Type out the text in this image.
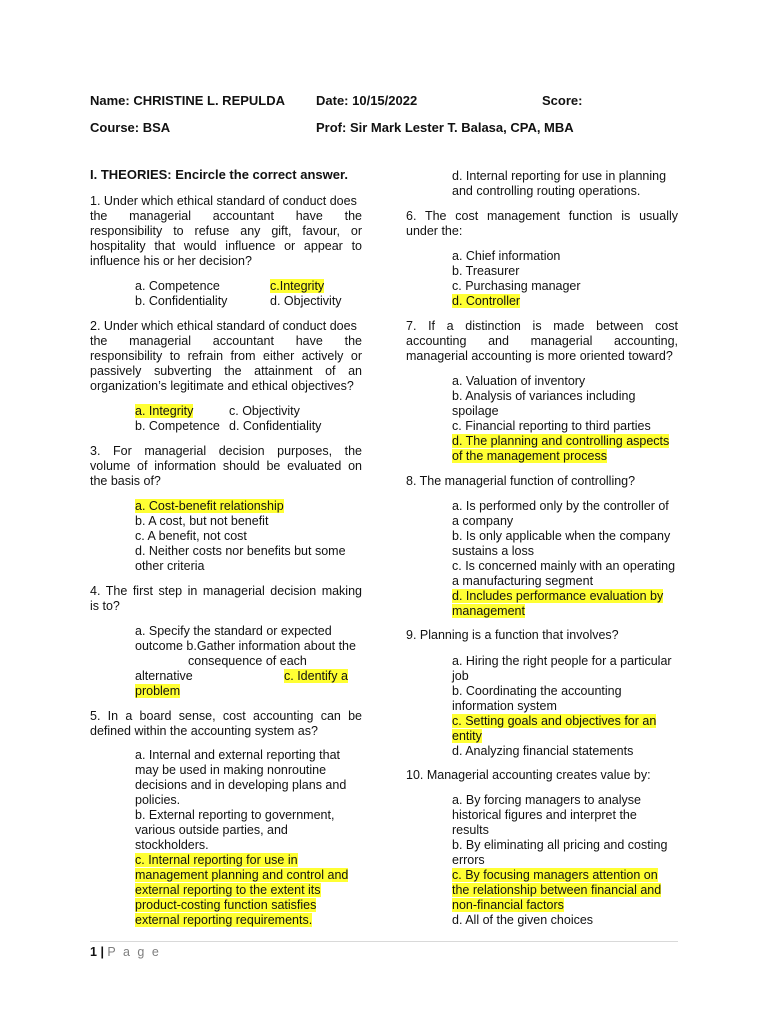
Name: CHRISTINE L. REPULDA Date: 10/15/2022	Score:
Course: BSA	Prof: Sir Mark Lester T. Balasa, CPA, MBA
I. THEORIES: Encircle the correct answer.
1. Under which ethical standard of conduct does
the managerial accountant have the
responsibility to refuse any gift, favour, or
hospitality that would influence or appear to
influence his or her decision?
a. Competence	c.Integrity
b. Confidentiality	d. Objectivity
2. Under which ethical standard of conduct does
the managerial accountant have the
responsibility to refrain from either actively or
passively subverting the attainment of an
organization’s legitimate and ethical objectives?
a. Integrity	c. Objectivity
b. Competence d. Confidentiality
3. For managerial decision purposes, the
volume of information should be evaluated on
the basis of?
a. Cost-benefit relationship
b. A cost, but not benefit
c. A benefit, not cost
d. Neither costs nor benefits but some
other criteria
4. The first step in managerial decision making
is to?
a. Specify the standard or expected
outcome b.Gather information about the
consequence of each
alternative	c. Identify a
problem
5. In a board sense, cost accounting can be
defined within the accounting system as?
a. Internal and external reporting that
may be used in making nonroutine
decisions and in developing plans and
policies.
b. External reporting to government,
various outside parties, and
stockholders.
c. Internal reporting for use in
management planning and control and
external reporting to the extent its
product-costing function satisfies
external reporting requirements.
d. Internal reporting for use in planning
and controlling routing operations.
6. The cost management function is usually
under the:
a. Chief information
b. Treasurer
c. Purchasing manager
d. Controller
7. If a distinction is made between cost
accounting and managerial accounting,
managerial accounting is more oriented toward?
a. Valuation of inventory
b. Analysis of variances including
spoilage
c. Financial reporting to third parties
d. The planning and controlling aspects
of the management process
8. The managerial function of controlling?
a. Is performed only by the controller of
a company
b. Is only applicable when the company
sustains a loss
c. Is concerned mainly with an operating
a manufacturing segment
d. Includes performance evaluation by
management
9. Planning is a function that involves?
a. Hiring the right people for a particular
job
b. Coordinating the accounting
information system
c. Setting goals and objectives for an
entity
d. Analyzing financial statements
10. Managerial accounting creates value by:
a. By forcing managers to analyse
historical figures and interpret the
results
b. By eliminating all pricing and costing
errors
c. By focusing managers attention on
the relationship between financial and
non-financial factors
d. All of the given choices
1 | P a g e
